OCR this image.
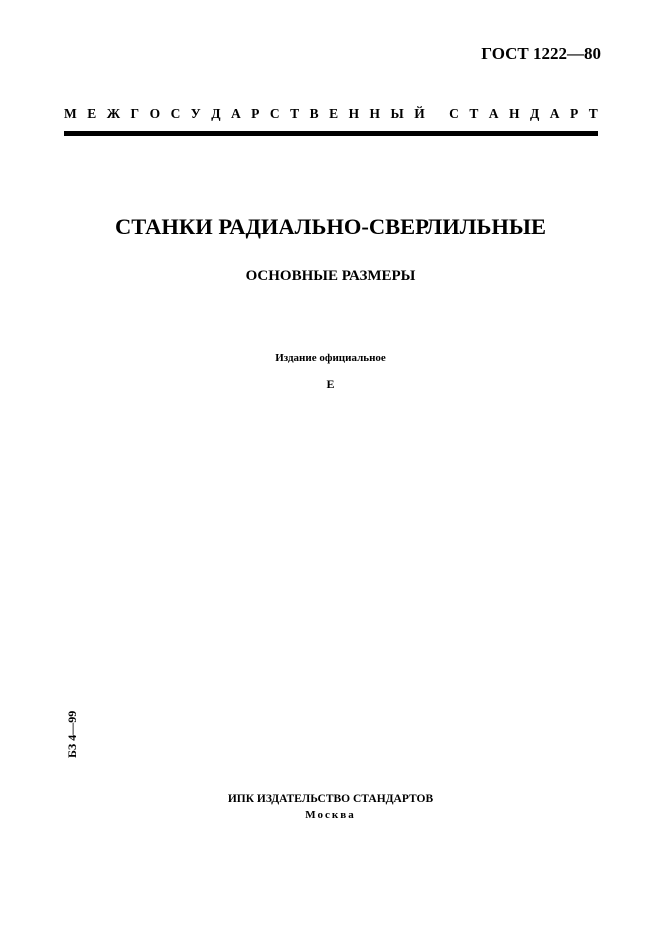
ГОСТ 1222—80
М Е Ж Г О С У Д А Р С Т В Е Н Н Ы Й
С Т А Н Д А Р Т
СТАНКИ РАДИАЛЬНО-СВЕРЛИЛЬНЫЕ
ОСНОВНЫЕ РАЗМЕРЫ
Издание официальное
Е
БЗ 4—99
ИПК ИЗДАТЕЛЬСТВО СТАНДАРТОВ
Москва
